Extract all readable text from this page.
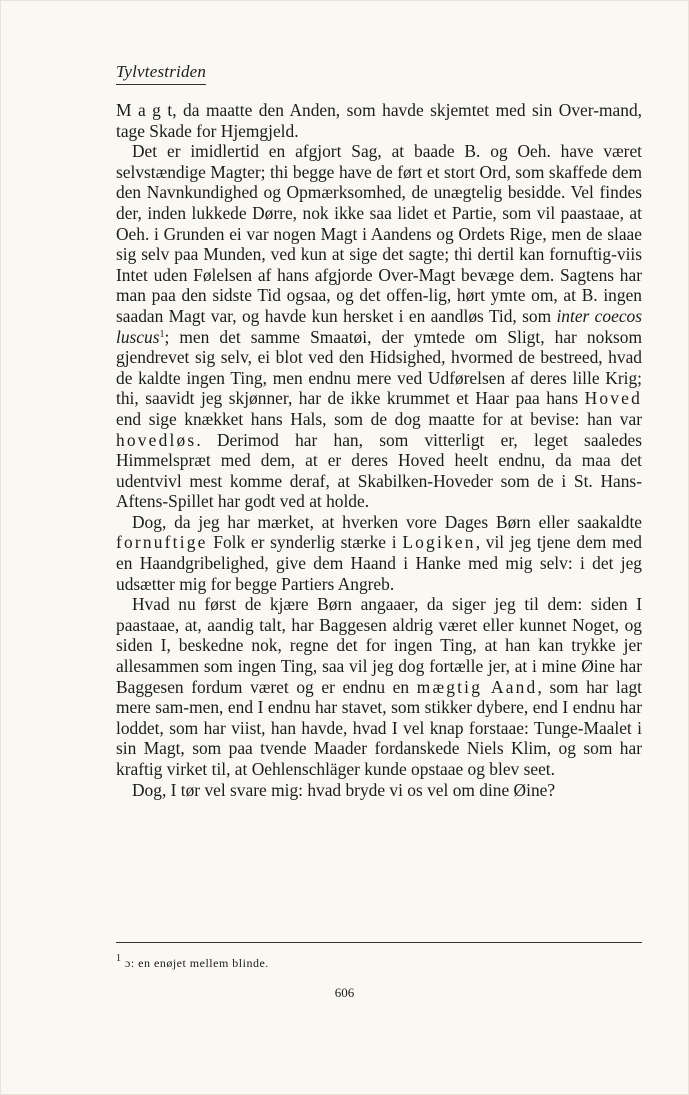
Tylvtestriden

M a g t, da maatte den Anden, som havde skjemtet med sin Over-mand, tage Skade for Hjemgjeld.

Det er imidlertid en afgjort Sag, at baade B. og Oeh. have været selvstændige Magter; thi begge have de ført et stort Ord, som skaffede dem den Navnkundighed og Opmærksomhed, de unægtelig besidde. Vel findes der, inden lukkede Dørre, nok ikke saa lidet et Partie, som vil paastaae, at Oeh. i Grunden ei var nogen Magt i Aandens og Ordets Rige, men de slaae sig selv paa Munden, ved kun at sige det sagte; thi dertil kan fornuftig-viis Intet uden Følelsen af hans afgjorde Over-Magt bevæge dem. Sagtens har man paa den sidste Tid ogsaa, og det offen-lig, hørt ymte om, at B. ingen saadan Magt var, og havde kun hersket i en aandløs Tid, som inter coecos luscus$^1$; men det samme Smaatøi, der ymtede om Sligt, har noksom gjendrevet sig selv, ei blot ved den Hidsighed, hvormed de bestreed, hvad de kaldte ingen Ting, men endnu mere ved Udførelsen af deres lille Krig; thi, saavidt jeg skjønner, har de ikke krummet et Haar paa hans Hoved end sige knækket hans Hals, som de dog maatte for at bevise: han var hovedløs. Derimod har han, som vitterligt er, leget saaledes Himmelspræt med dem, at er deres Hoved heelt endnu, da maa det udentvivl mest komme deraf, at Skabilken-Hoveder som de i St. Hans-Aftens-Spillet har godt ved at holde.

Dog, da jeg har mærket, at hverken vore Dages Børn eller saakaldte fornuftige Folk er synderlig stærke i Logiken, vil jeg tjene dem med en Haandgribelighed, give dem Haand i Hanke med mig selv: i det jeg udsætter mig for begge Partiers Angreb.

Hvad nu først de kjære Børn angaaer, da siger jeg til dem: siden I paastaae, at, aandig talt, har Baggesen aldrig været eller kunnet Noget, og siden I, beskedne nok, regne det for ingen Ting, at han kan trykke jer allesammen som ingen Ting, saa vil jeg dog fortælle jer, at i mine Øine har Baggesen fordum været og er endnu en mægtig Aand, som har lagt mere sam-men, end I endnu har stavet, som stikker dybere, end I endnu har loddet, som har viist, han havde, hvad I vel knap forstaae: Tunge-Maalet i sin Magt, som paa tvende Maader fordanskede Niels Klim, og som har kraftig virket til, at Oehlenschläger kunde opstaae og blev seet.

Dog, I tør vel svare mig: hvad bryde vi os vel om dine Øine?

$^1$ ɔ: en enøjet mellem blinde.
606
